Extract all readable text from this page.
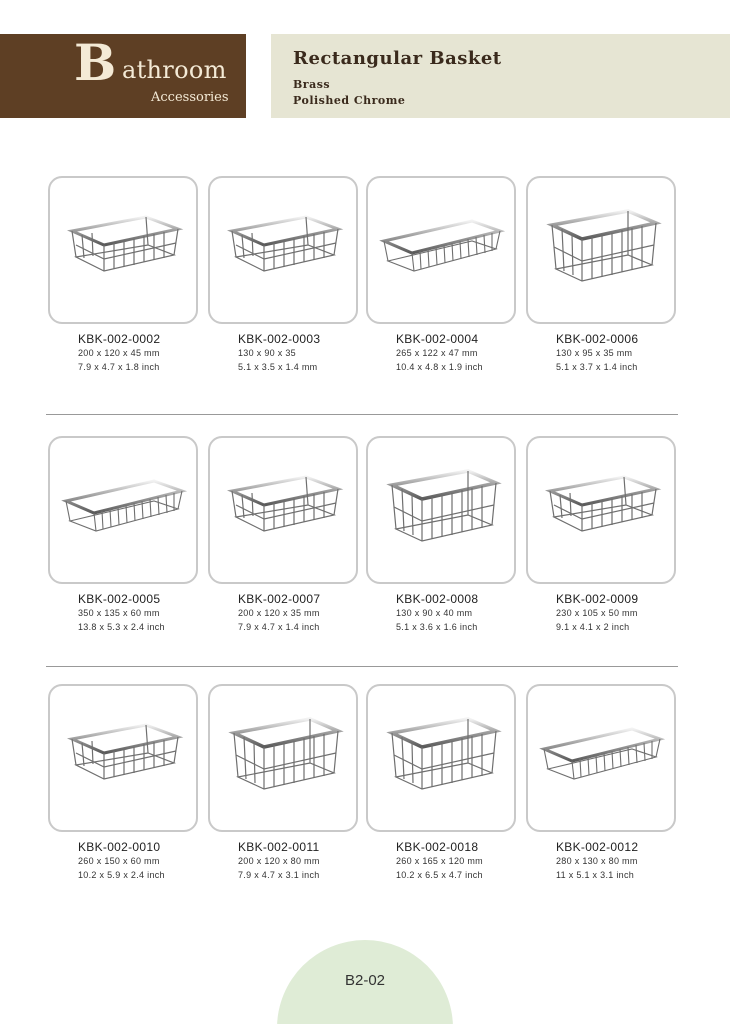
B athroom
Accessories
Rectangular Basket
Brass
Polished Chrome
KBK-002-0002
200 x 120 x 45 mm
7.9 x 4.7 x 1.8 inch
KBK-002-0003
130 x 90 x 35
5.1 x 3.5 x 1.4 mm
KBK-002-0004
265 x 122 x 47 mm
10.4 x 4.8 x 1.9 inch
KBK-002-0006
130 x 95 x 35 mm
5.1 x 3.7 x 1.4 inch
KBK-002-0005
350 x 135 x 60 mm
13.8 x 5.3 x 2.4 inch
KBK-002-0007
200 x 120 x 35 mm
7.9 x 4.7 x 1.4 inch
KBK-002-0008
130 x 90 x 40 mm
5.1 x 3.6 x 1.6 inch
KBK-002-0009
230 x 105 x 50 mm
9.1 x 4.1 x 2 inch
KBK-002-0010
260 x 150 x 60 mm
10.2 x 5.9 x 2.4 inch
KBK-002-0011
200 x 120 x 80 mm
7.9 x 4.7 x 3.1 inch
KBK-002-0018
260 x 165 x 120 mm
10.2 x 6.5 x 4.7 inch
KBK-002-0012
280 x 130 x 80 mm
11 x 5.1 x 3.1 inch
B2-02
